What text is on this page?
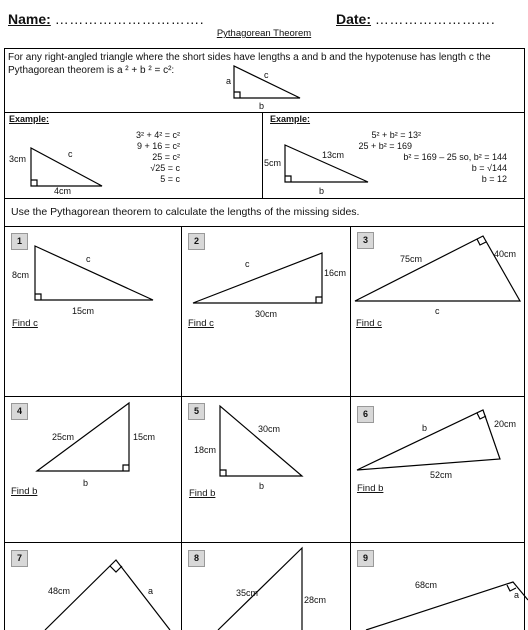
Name: ………………………….	Date: …………………….
Pythagorean Theorem
For any right-angled triangle where the short sides have lengths a and b and the hypotenuse has length c the Pythagorean theorem is a ² + b ² = c²:
a
c
b
Example:
3cm	c
4cm
3² + 4² = c²
9 + 16 = c²
25 = c²
√25 = c
5 = c
Example:
5cm
13cm
b
5² + b² = 13²
25 + b² = 169
b² = 169 – 25 so, b² = 144
b = √144
b = 12
Use the Pythagorean theorem to calculate the lengths of the missing sides.
1
c
8cm
15cm
Find c
2
c
16cm
30cm
Find c
3
75cm	40cm
c
Find c
4
25cm	15cm
b
Find b
5
30cm
18cm
b
Find b
6
b	20cm
52cm
Find b
7
48cm	a
8
35cm
28cm
9
68cm
a
